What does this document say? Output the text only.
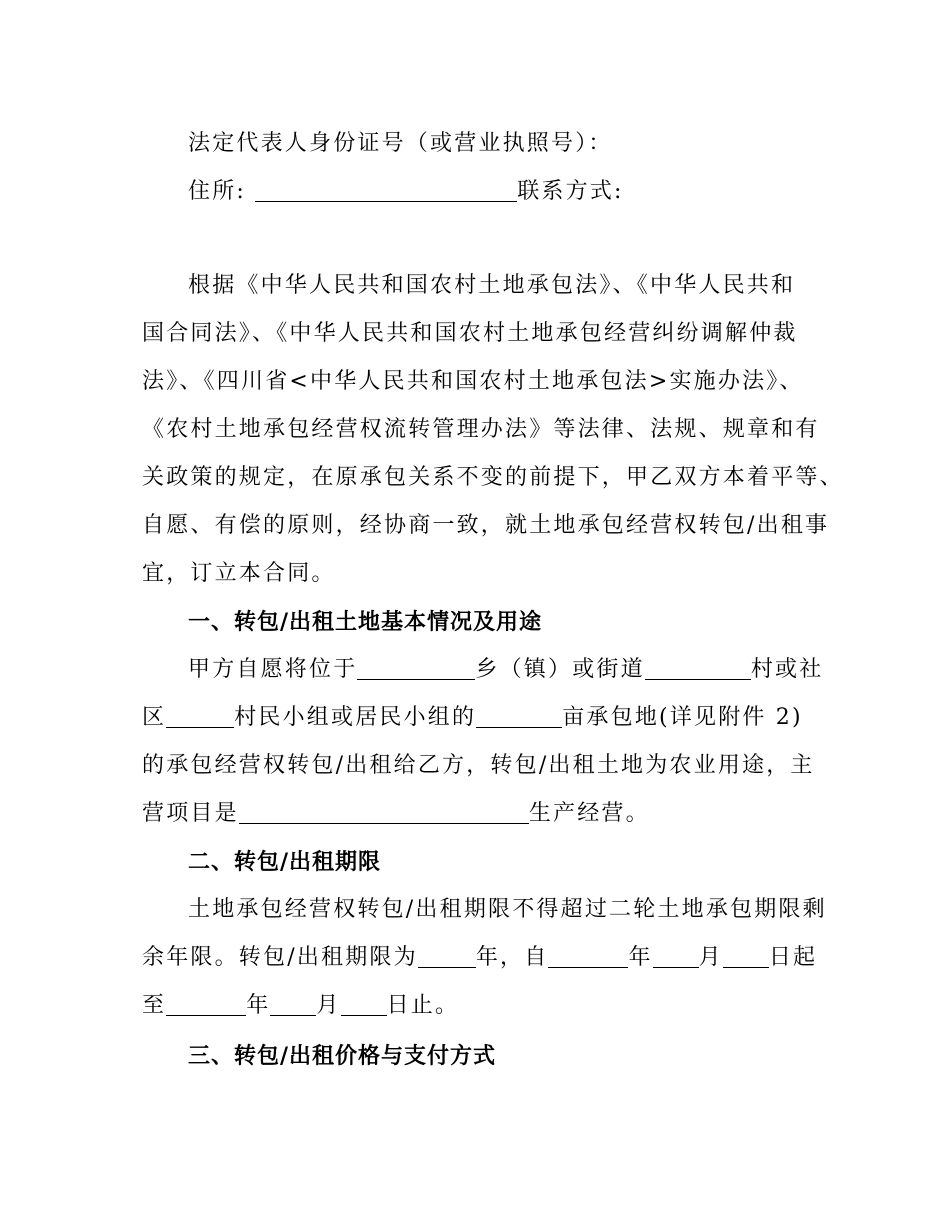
法定代表人身份证号（或营业执照号）：
住所:	联系方式:
根据《中华人民共和国农村土地承包法》、《中华人民共和
国合同法》、《中华人民共和国农村土地承包经营纠纷调解仲裁
法》、《四川省<中华人民共和国农村土地承包法>实施办法》、
《农村土地承包经营权流转管理办法》等法律、法规、规章和有
关政策的规定，在原承包关系不变的前提下，甲乙双方本着平等、
自愿、有偿的原则，经协商一致，就土地承包经营权转包/出租事
宜，订立本合同。
一、转包/出租土地基本情况及用途
甲方自愿将位于	乡（镇）或街道	村或社
区	村民小组或居民小组的	亩承包地(详见附件 2)
的承包经营权转包/出租给乙方，转包/出租土地为农业用途，主
营项目是	生产经营。
二、转包/出租期限
土地承包经营权转包/出租期限不得超过二轮土地承包期限剩
余年限。转包/出租期限为	年，自	年 月 日起
至	年 月 日止。
三、转包/出租价格与支付方式
